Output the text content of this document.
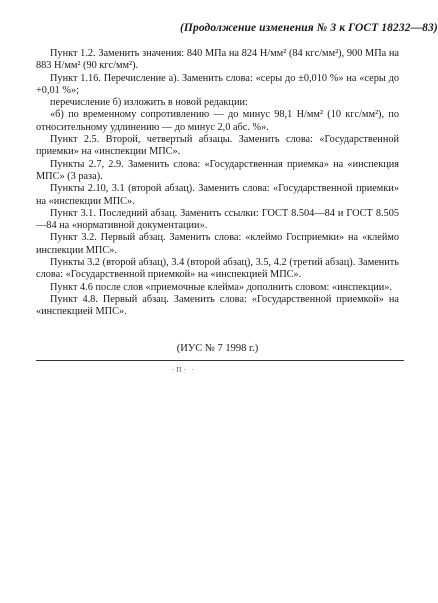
(Продолжение изменения № 3 к ГОСТ 18232—83)

Пункт 1.2. Заменить значения: 840 МПа на 824 Н/мм² (84 кгс/мм²), 900 МПа на 883 Н/мм² (90 кгс/мм²).

Пункт 1.16. Перечисление а). Заменить слова: «серы до ±0,010 %» на «серы до +0,01 %»;

перечисление б) изложить в новой редакции:

«б) по временному сопротивлению — до минус 98,1 Н/мм² (10 кгс/мм²), по относительному удлинению — до минус 2,0 абс. %».

Пункт 2.5. Второй, четвертый абзацы. Заменить слова: «Государственной приемки» на «инспекции МПС».

Пункты 2.7, 2.9. Заменить слова: «Государственная приемка» на «инспекция МПС» (3 раза).

Пункты 2.10, 3.1 (второй абзац). Заменить слова: «Государственной приемки» на «инспекции МПС».

Пункт 3.1. Последний абзац. Заменить ссылки: ГОСТ 8.504—84 и ГОСТ 8.505—84 на «нормативной документации».

Пункт 3.2. Первый абзац. Заменить слова: «клеймо Госприемки» на «клеймо инспекции МПС».

Пункты 3.2 (второй абзац), 3.4 (второй абзац), 3.5, 4.2 (третий абзац). Заменить слова: «Государственной приемкой» на «инспекцией МПС».

Пункт 4.6 после слов «приемочные клейма» дополнить словом: «инспекции».

Пункт 4.8. Первый абзац. Заменить слова: «Государственной приемкой» на «инспекцией МПС».

(ИУС № 7 1998 г.)
·П· ·
